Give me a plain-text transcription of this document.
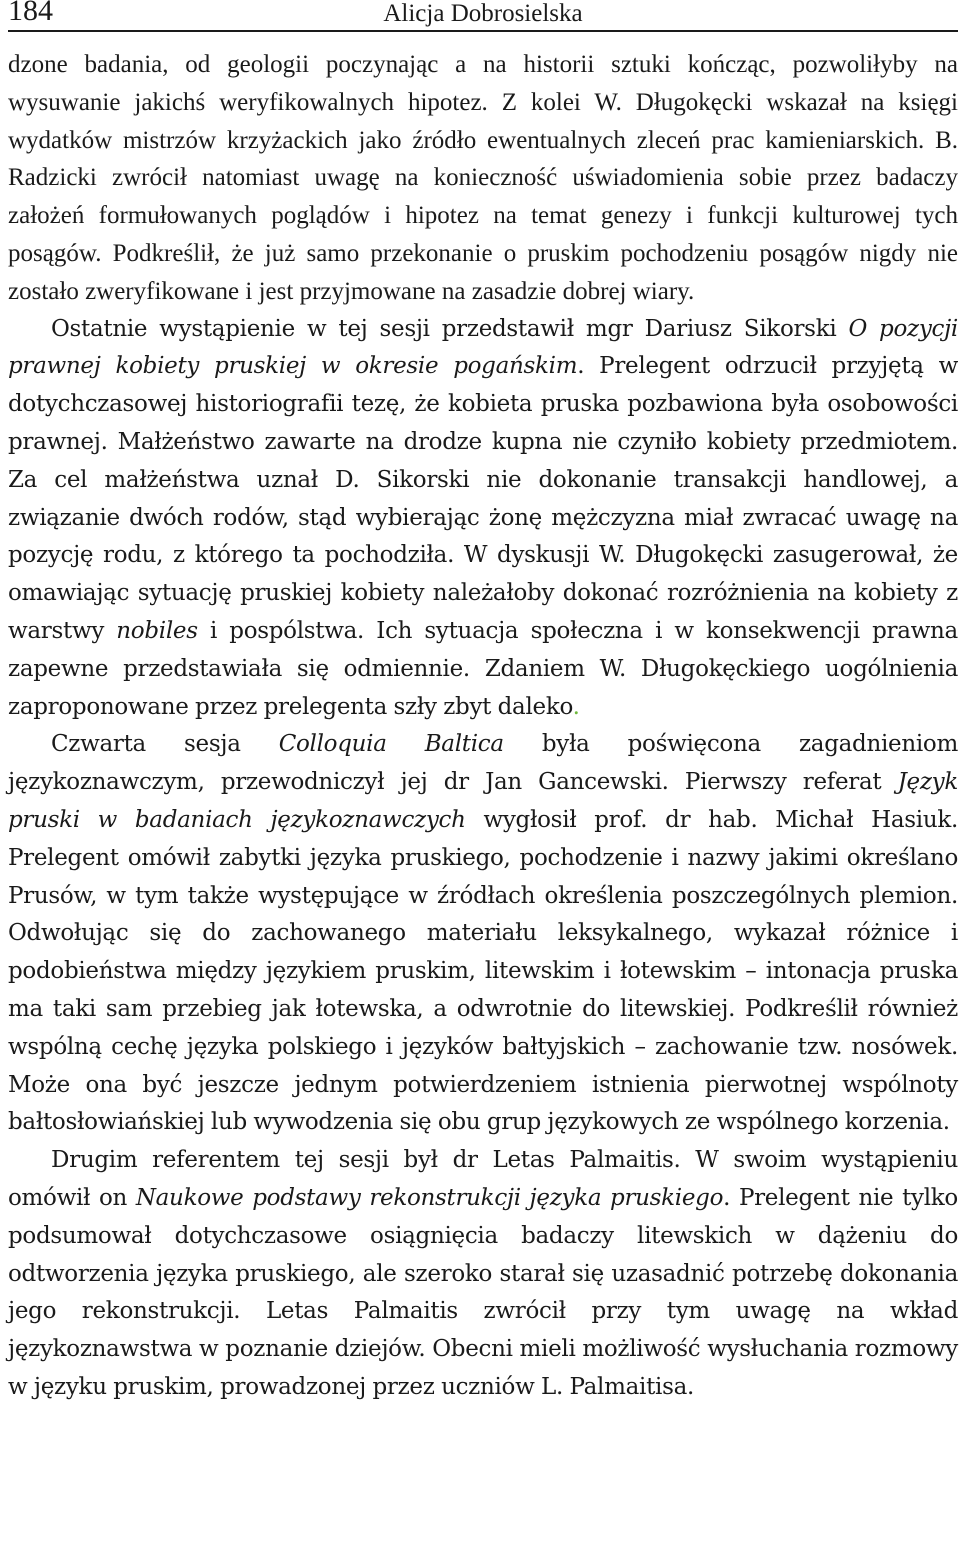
184	Alicja Dobrosielska

dzone badania, od geologii poczynając a na historii sztuki kończąc, pozwoliłyby na wysuwanie jakichś weryfikowalnych hipotez. Z kolei W. Długokęcki wskazał na księgi wydatków mistrzów krzyżackich jako źródło ewentualnych zleceń prac kamieniarskich. B. Radzicki zwrócił natomiast uwagę na konieczność uświadomienia sobie przez badaczy założeń formułowanych poglądów i hipotez na temat genezy i funkcji kulturowej tych posągów. Podkreślił, że już samo przekonanie o pruskim pochodzeniu posągów nigdy nie zostało zweryfikowane i jest przyjmowane na zasadzie dobrej wiary.

Ostatnie wystąpienie w tej sesji przedstawił mgr Dariusz Sikorski O pozycji prawnej kobiety pruskiej w okresie pogańskim. Prelegent odrzucił przyjętą w dotychczasowej historiografii tezę, że kobieta pruska pozbawiona była osobowości prawnej. Małżeństwo zawarte na drodze kupna nie czyniło kobiety przedmiotem. Za cel małżeństwa uznał D. Sikorski nie dokonanie transakcji handlowej, a związanie dwóch rodów, stąd wybierając żonę mężczyzna miał zwracać uwagę na pozycję rodu, z którego ta pochodziła. W dyskusji W. Długokęcki zasugerował, że omawiając sytuację pruskiej kobiety należałoby dokonać rozróżnienia na kobiety z warstwy nobiles i pospólstwa. Ich sytuacja społeczna i w konsekwencji prawna zapewne przedstawiała się odmiennie. Zdaniem W. Długokęckiego uogólnienia zaproponowane przez prelegenta szły zbyt daleko.

Czwarta sesja Colloquia Baltica była poświęcona zagadnieniom językoznawczym, przewodniczył jej dr Jan Gancewski. Pierwszy referat Język pruski w badaniach językoznawczych wygłosił prof. dr hab. Michał Hasiuk. Prelegent omówił zabytki języka pruskiego, pochodzenie i nazwy jakimi określano Prusów, w tym także występujące w źródłach określenia poszczególnych plemion. Odwołując się do zachowanego materiału leksykalnego, wykazał różnice i podobieństwa między językiem pruskim, litewskim i łotewskim – intonacja pruska ma taki sam przebieg jak łotewska, a odwrotnie do litewskiej. Podkreślił również wspólną cechę języka polskiego i języków bałtyjskich – zachowanie tzw. nosówek. Może ona być jeszcze jednym potwierdzeniem istnienia pierwotnej wspólnoty bałtosłowiańskiej lub wywodzenia się obu grup językowych ze wspólnego korzenia.

Drugim referentem tej sesji był dr Letas Palmaitis. W swoim wystąpieniu omówił on Naukowe podstawy rekonstrukcji języka pruskiego. Prelegent nie tylko podsumował dotychczasowe osiągnięcia badaczy litewskich w dążeniu do odtworzenia języka pruskiego, ale szeroko starał się uzasadnić potrzebę dokonania jego rekonstrukcji. Letas Palmaitis zwrócił przy tym uwagę na wkład językoznawstwa w poznanie dziejów. Obecni mieli możliwość wysłuchania rozmowy w języku pruskim, prowadzonej przez uczniów L. Palmaitisa.
